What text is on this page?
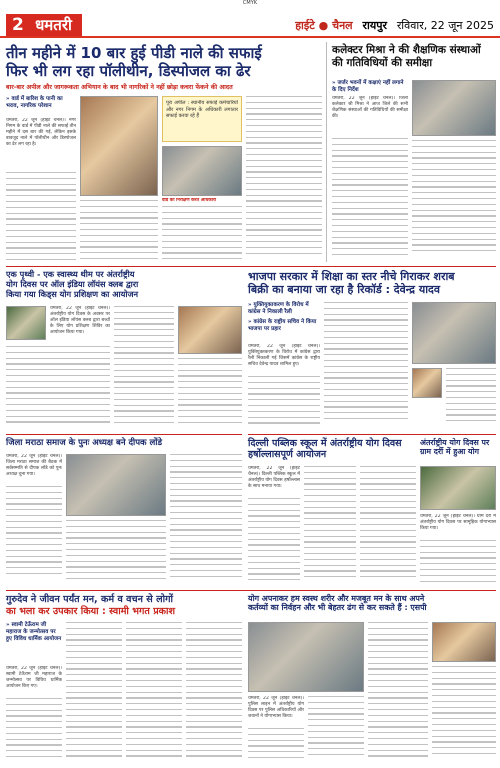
CMYK
2 धमतरी	हाईटे ● चैनल रायपुर रविवार, 22 जून 2025
तीन महीने में 10 बार हुई पीडी नाले की सफाई
फिर भी लग रहा पॉलीथीन, डिस्पोजल का ढेर
बार-बार अपील और जागरूकता अभियान के बाद भी नागरिकों ने नहीं छोड़ा कचरा फेंकने की आदत
» वार्ड में बारिश के पानी का भराव, नागरिक परेशान

धमतरी, 22 जून (हाईटे चैनल)। नगर निगम के वार्ड में पीडी नाले की सफाई तीन महीने में दस बार की गई, लेकिन इसके बावजूद नाले में पॉलीथीन और डिस्पोजल का ढेर लग रहा है।

पूरा अपील : स्थानीय सफाई कर्मचारियों और नगर निगम के अधिकारी लगातार सफाई करवा रहे हैं
वार्ड का निरीक्षण करते अधिकारी
कलेक्टर मिश्रा ने की शैक्षणिक संस्थाओं
की गतिविधियों की समीक्षा
» जर्जर भवनों में कक्षाएं नहीं लगाने के दिए निर्देश
धमतरी, 22 जून (हाईटे चैनल)। जिला कलेक्टर श्री मिश्रा ने आज जिले की सभी शैक्षणिक संस्थाओं की गतिविधियों की समीक्षा की।
एक पृथ्वी - एक स्वास्थ्य थीम पर अंतर्राष्ट्रीय
योग दिवस पर ऑल इंडिया लॉयंस क्लब द्वारा
किया गया किड्स योग प्रशिक्षण का आयोजन
धमतरी, 22 जून (हाईटे चैनल)। अंतर्राष्ट्रीय योग दिवस के अवसर पर ऑल इंडिया लॉयंस क्लब द्वारा बच्चों के लिए योग प्रशिक्षण शिविर का आयोजन किया गया।
भाजपा सरकार में शिक्षा का स्तर नीचे गिराकर शराब
बिक्री का बनाया जा रहा है रिकॉर्ड : देवेन्द्र यादव
» युक्तियुक्तकरण के विरोध में कांग्रेस ने निकाली रैली
» कांग्रेस के राष्ट्रीय सचिव ने किया भाजपा पर प्रहार
धमतरी, 22 जून (हाईटे चैनल)। युक्तियुक्तकरण के विरोध में कांग्रेस द्वारा रैली निकाली गई जिसमें कांग्रेस के राष्ट्रीय सचिव देवेन्द्र यादव शामिल हुए।
दिल्ली पब्लिक स्कूल में अंतर्राष्ट्रीय योग दिवस हर्षोल्लासपूर्ण आयोजन
धमतरी, 22 जून (हाईटे चैनल)। दिल्ली पब्लिक स्कूल में अंतर्राष्ट्रीय योग दिवस हर्षोल्लास के साथ मनाया गया।
अंतर्राष्ट्रीय योग दिवस पर
ग्राम दर्री में हुआ योग
धमतरी, 22 जून (हाईटे चैनल)। ग्राम दर्री में अंतर्राष्ट्रीय योग दिवस पर सामूहिक योगाभ्यास किया गया।
जिला मराठा समाज के पुनः अध्यक्ष बने दीपक लोंडे
धमतरी, 22 जून (हाईटे चैनल)। जिला मराठा समाज की बैठक में सर्वसम्मति से दीपक लोंडे को पुनः अध्यक्ष चुना गया।
गुरुदेव ने जीवन पर्यंत मन, कर्म व वचन से लोगों
का भला कर उपकार किया : स्वामी भगत प्रकाश
» स्वामी टेऊँराम जी महाराज के जन्मोत्सव पर हुए विविध धार्मिक आयोजन
धमतरी, 22 जून (हाईटे चैनल)। स्वामी टेऊँराम जी महाराज के जन्मोत्सव पर विविध धार्मिक आयोजन किए गए।
योग अपनाकर हम स्वस्थ शरीर और मजबूत मन के साथ अपने
कर्तव्यों का निर्वहन और भी बेहतर ढंग से कर सकते हैं : एसपी
धमतरी, 22 जून (हाईटे चैनल)। पुलिस लाइन में अंतर्राष्ट्रीय योग दिवस पर पुलिस अधिकारियों और जवानों ने योगाभ्यास किया।
